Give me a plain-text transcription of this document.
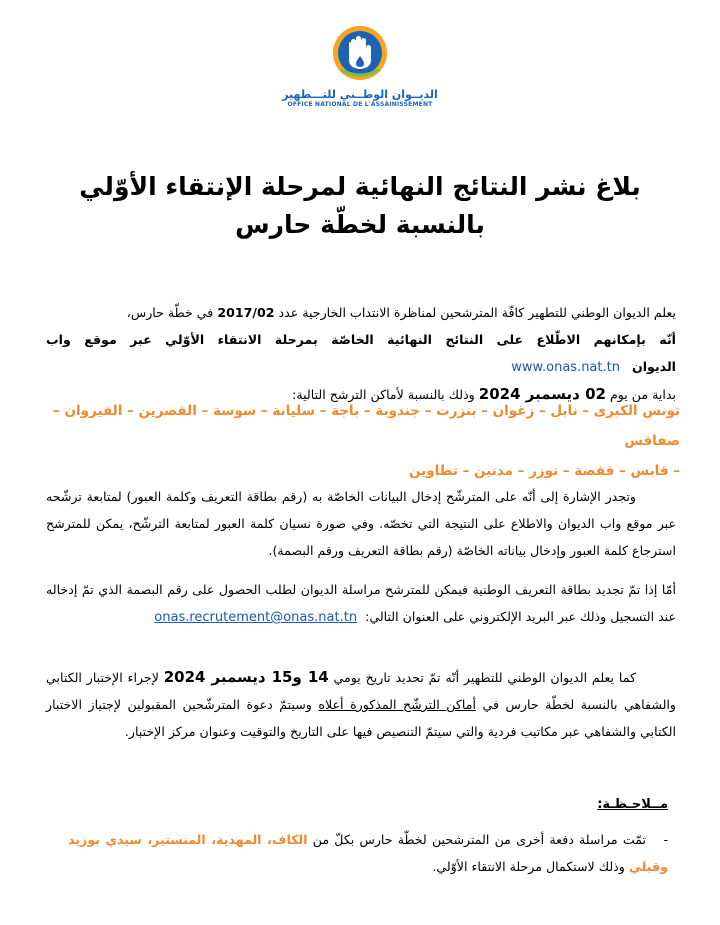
الديــوان الوطــني للتـــطهير
OFFICE NATIONAL DE L'ASSAINISSEMENT
بلاغ نشر النتائج النهائية لمرحلة الإنتقاء الأوّلي
بالنسبة لخطّة حارس

يعلم الديوان الوطني للتطهير كافّة المترشحين لمناظرة الانتداب الخارجية عدد 2017/02 في خطّة حارس،

أنّه بإمكانهم الاطّلاع على النتائج النهائية الخاصّة بمرحلة الانتقاء الأوّلي عبر موقع واب الديوان   www.onas.nat.tn

بداية من يوم 02 ديسمبر 2024 وذلك بالنسبة لأماكن الترشح التالية:

تونس الكبرى – نابل – زغوان – بنزرت – جندوبة – باجة – سليانة – سوسة – القصرين – القيروان – صفاقس
– قابس – قفصة – توزر – مدنين – تطاوين

وتجدر الإشارة إلى أنّه على المترشّح إدخال البيانات الخاصّة به (رقم بطاقة التعريف وكلمة العبور) لمتابعة ترشّحه عبر موقع واب الديوان والاطلاع على النتيجة التي تخصّه. وفي صورة نسيان كلمة العبور لمتابعة الترشّح، يمكن للمترشح استرجاع كلمة العبور وإدخال بياناته الخاصّة (رقم بطاقة التعريف ورقم البصمة).

أمّا إذا تمّ تجديد بطاقة التعريف الوطنية فيمكن للمترشح مراسلة الديوان لطلب الحصول على رقم البصمة الذي تمّ إدخاله عند التسجيل وذلك عبر البريد الإلكتروني على العنوان التالي:  onas.recrutement@onas.nat.tn

كما يعلم الديوان الوطني للتطهير أنّه تمّ تحديد تاريخ يومي 14 و15 ديسمبر 2024 لإجراء الإختبار الكتابي والشفاهي بالنسبة لخطّة حارس في أماكن الترشّح المذكورة أعلاه وسيتمّ دعوة المترشّحين المقبولين لإجتياز الاختبار الكتابي والشفاهي عبر مكاتيب فردية والتي سيتمّ التنصيص فيها على التاريخ والتوقيت وعنوان مركز الإختبار.

مــلاحـظـة:
-تمّت مراسلة دفعة أخرى من المترشحين لخطّة حارس بكلّ من الكاف، المهدية، المنستير، سيدي بوزيد وقبلي وذلك لاستكمال مرحلة الانتقاء الأوّلي.
